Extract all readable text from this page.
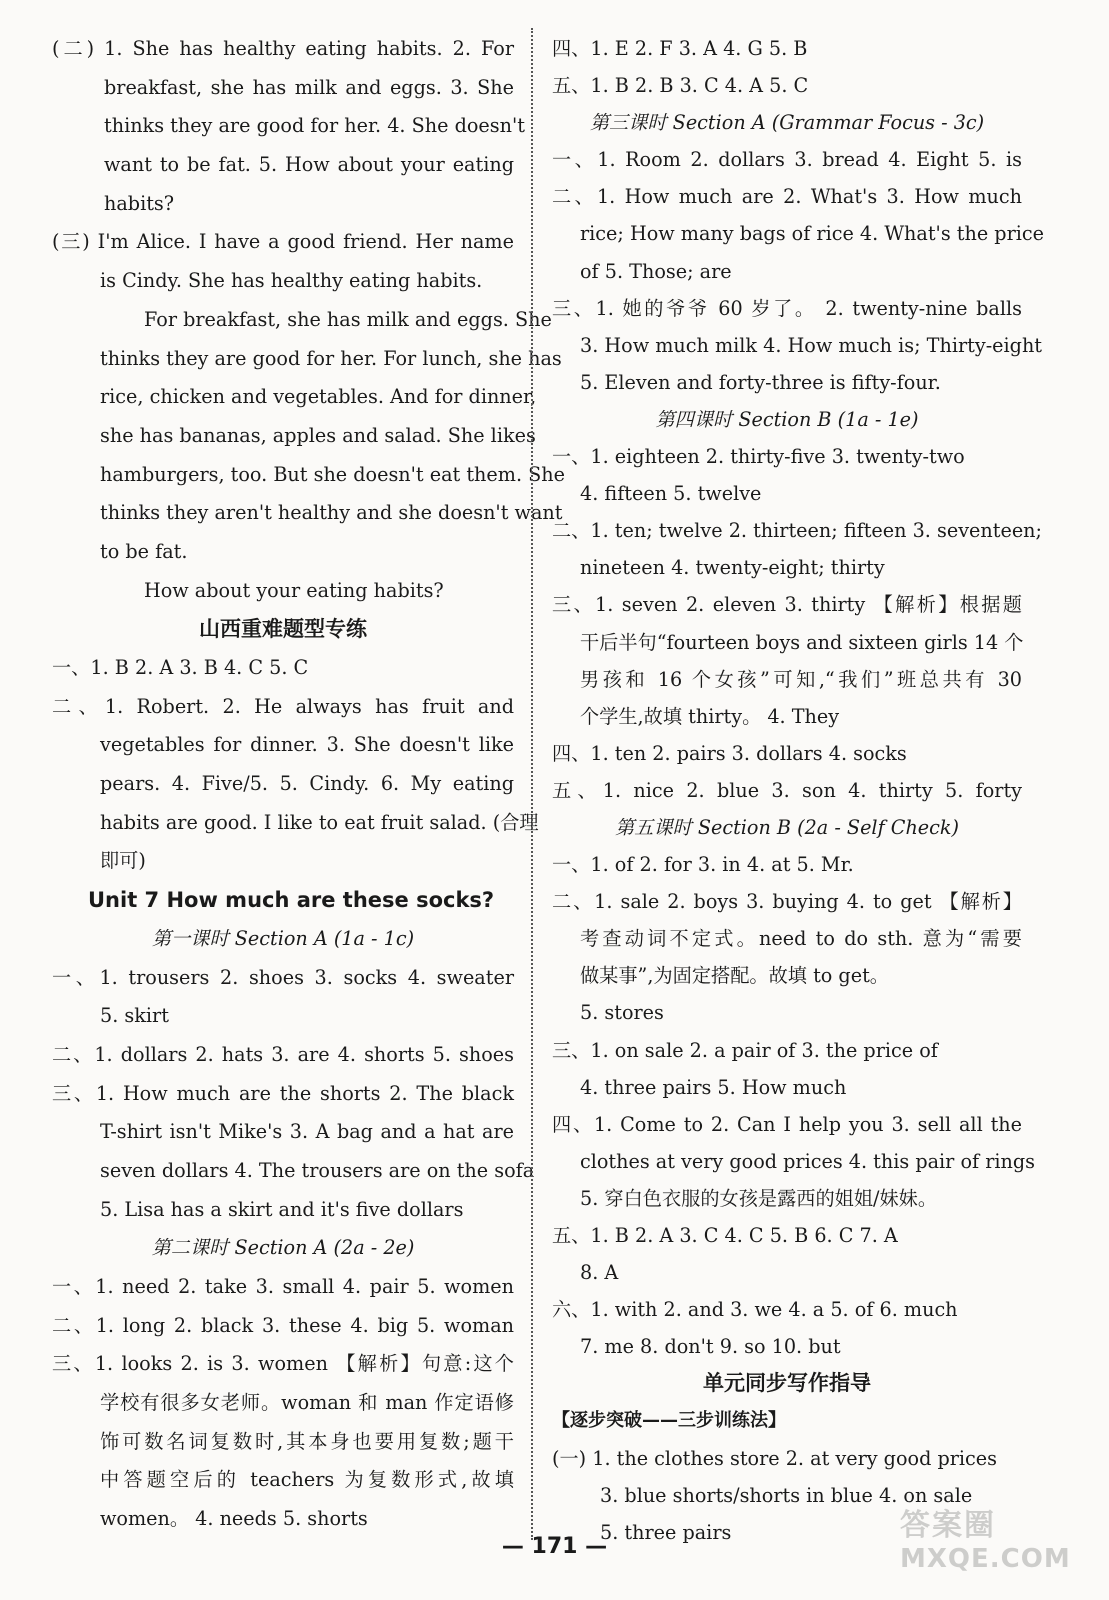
(二) 1. She has healthy eating habits. 2. For
breakfast, she has milk and eggs. 3. She
thinks they are good for her. 4. She doesn't
want to be fat. 5. How about your eating
habits?
(三) I'm Alice. I have a good friend. Her name
is Cindy. She has healthy eating habits.
For breakfast, she has milk and eggs. She
thinks they are good for her. For lunch, she has
rice, chicken and vegetables. And for dinner,
she has bananas, apples and salad. She likes
hamburgers, too. But she doesn't eat them. She
thinks they aren't healthy and she doesn't want
to be fat.
How about your eating habits?
山西重难题型专练
一、1. B 2. A 3. B 4. C 5. C
二、1. Robert. 2. He always has fruit and
vegetables for dinner. 3. She doesn't like
pears. 4. Five/5. 5. Cindy. 6. My eating
habits are good. I like to eat fruit salad. (合理
即可)
Unit 7 How much are these socks?
第一课时 Section A (1a - 1c)
一、1. trousers 2. shoes 3. socks 4. sweater
5. skirt
二、1. dollars 2. hats 3. are 4. shorts 5. shoes
三、1. How much are the shorts 2. The black
T-shirt isn't Mike's 3. A bag and a hat are
seven dollars 4. The trousers are on the sofa
5. Lisa has a skirt and it's five dollars
第二课时 Section A (2a - 2e)
一、1. need 2. take 3. small 4. pair 5. women
二、1. long 2. black 3. these 4. big 5. woman
三、1. looks 2. is 3. women 【解析】句意:这个
学校有很多女老师。woman 和 man 作定语修
饰可数名词复数时,其本身也要用复数;题干
中答题空后的 teachers 为复数形式,故填
women。 4. needs 5. shorts
四、1. E 2. F 3. A 4. G 5. B
五、1. B 2. B 3. C 4. A 5. C
第三课时 Section A (Grammar Focus - 3c)
一、1. Room 2. dollars 3. bread 4. Eight 5. is
二、1. How much are 2. What's 3. How much
rice; How many bags of rice 4. What's the price
of 5. Those; are
三、1. 她的爷爷 60 岁了。 2. twenty-nine balls
3. How much milk 4. How much is; Thirty-eight
5. Eleven and forty-three is fifty-four.
第四课时 Section B (1a - 1e)
一、1. eighteen 2. thirty-five 3. twenty-two
4. fifteen 5. twelve
二、1. ten; twelve 2. thirteen; fifteen 3. seventeen;
nineteen 4. twenty-eight; thirty
三、1. seven 2. eleven 3. thirty 【解析】根据题
干后半句“fourteen boys and sixteen girls 14 个
男孩和 16 个女孩”可知,“我们”班总共有 30
个学生,故填 thirty。 4. They
四、1. ten 2. pairs 3. dollars 4. socks
五、1. nice 2. blue 3. son 4. thirty 5. forty
第五课时 Section B (2a - Self Check)
一、1. of 2. for 3. in 4. at 5. Mr.
二、1. sale 2. boys 3. buying 4. to get 【解析】
考查动词不定式。need to do sth. 意为“需要
做某事”,为固定搭配。故填 to get。
5. stores
三、1. on sale 2. a pair of 3. the price of
4. three pairs 5. How much
四、1. Come to 2. Can I help you 3. sell all the
clothes at very good prices 4. this pair of rings
5. 穿白色衣服的女孩是露西的姐姐/妹妹。
五、1. B 2. A 3. C 4. C 5. B 6. C 7. A
8. A
六、1. with 2. and 3. we 4. a 5. of 6. much
7. me 8. don't 9. so 10. but
单元同步写作指导
【逐步突破——三步训练法】
(一) 1. the clothes store 2. at very good prices
3. blue shorts/shorts in blue 4. on sale
5. three pairs
— 171 —
答案圈
MXQE.COM
